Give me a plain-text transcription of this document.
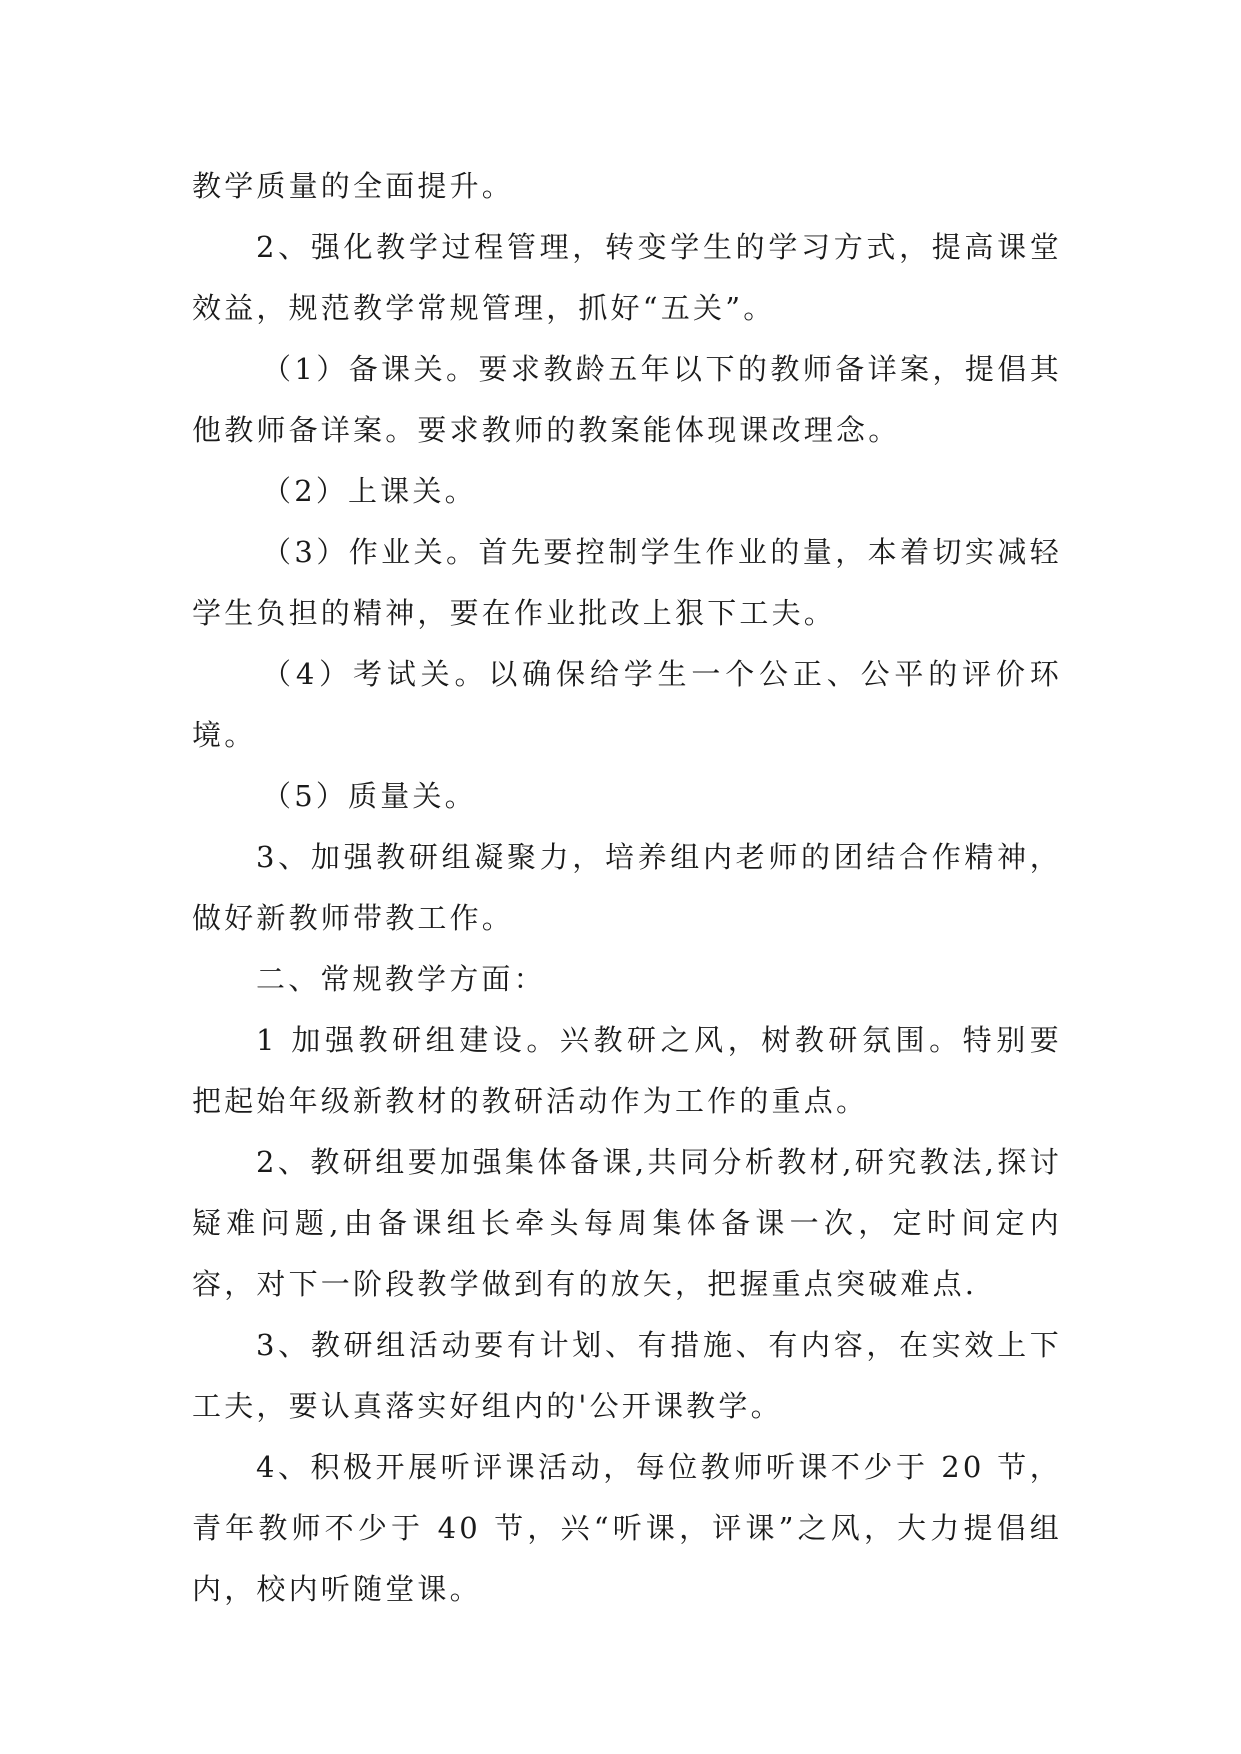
教学质量的全面提升。

2、强化教学过程管理，转变学生的学习方式，提高课堂效益，规范教学常规管理，抓好“五关”。

（1）备课关。要求教龄五年以下的教师备详案，提倡其他教师备详案。要求教师的教案能体现课改理念。

（2）上课关。

（3）作业关。首先要控制学生作业的量，本着切实减轻学生负担的精神，要在作业批改上狠下工夫。

（4）考试关。以确保给学生一个公正、公平的评价环境。

（5）质量关。

3、加强教研组凝聚力，培养组内老师的团结合作精神，做好新教师带教工作。

二、常规教学方面：

1 加强教研组建设。兴教研之风，树教研氛围。特别要把起始年级新教材的教研活动作为工作的重点。

2、教研组要加强集体备课,共同分析教材,研究教法,探讨疑难问题,由备课组长牵头每周集体备课一次，定时间定内容，对下一阶段教学做到有的放矢，把握重点突破难点.

3、教研组活动要有计划、有措施、有内容，在实效上下工夫，要认真落实好组内的'公开课教学。

4、积极开展听评课活动，每位教师听课不少于 20 节，青年教师不少于 40 节，兴“听课，评课”之风，大力提倡组内，校内听随堂课。
